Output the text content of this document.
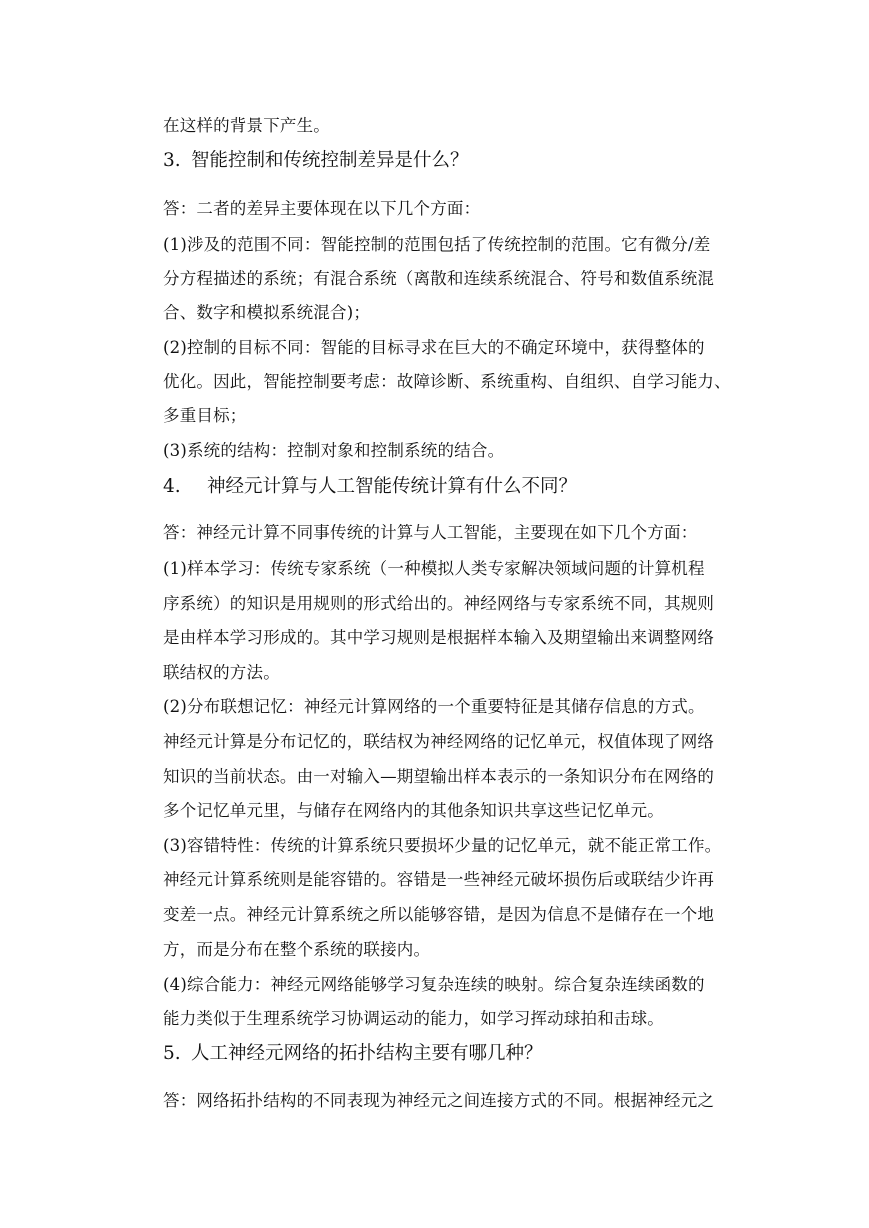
在这样的背景下产生。
3. 智能控制和传统控制差异是什么？
答：二者的差异主要体现在以下几个方面：
(1)涉及的范围不同：智能控制的范围包括了传统控制的范围。它有微分/差
分方程描述的系统；有混合系统（离散和连续系统混合、符号和数值系统混
合、数字和模拟系统混合)；
(2)控制的目标不同：智能的目标寻求在巨大的不确定环境中，获得整体的
优化。因此，智能控制要考虑：故障诊断、系统重构、自组织、自学习能力、
多重目标；
(3)系统的结构：控制对象和控制系统的结合。
4. 神经元计算与人工智能传统计算有什么不同？
答：神经元计算不同事传统的计算与人工智能，主要现在如下几个方面：
(1)样本学习：传统专家系统（一种模拟人类专家解决领域问题的计算机程
序系统）的知识是用规则的形式给出的。神经网络与专家系统不同，其规则
是由样本学习形成的。其中学习规则是根据样本输入及期望输出来调整网络
联结权的方法。
(2)分布联想记忆：神经元计算网络的一个重要特征是其储存信息的方式。
神经元计算是分布记忆的，联结权为神经网络的记忆单元，权值体现了网络
知识的当前状态。由一对输入—期望输出样本表示的一条知识分布在网络的
多个记忆单元里，与储存在网络内的其他条知识共享这些记忆单元。
(3)容错特性：传统的计算系统只要损坏少量的记忆单元，就不能正常工作。
神经元计算系统则是能容错的。容错是一些神经元破坏损伤后或联结少许再
变差一点。神经元计算系统之所以能够容错，是因为信息不是储存在一个地
方，而是分布在整个系统的联接内。
(4)综合能力：神经元网络能够学习复杂连续的映射。综合复杂连续函数的
能力类似于生理系统学习协调运动的能力，如学习挥动球拍和击球。
5. 人工神经元网络的拓扑结构主要有哪几种？
答：网络拓扑结构的不同表现为神经元之间连接方式的不同。根据神经元之
